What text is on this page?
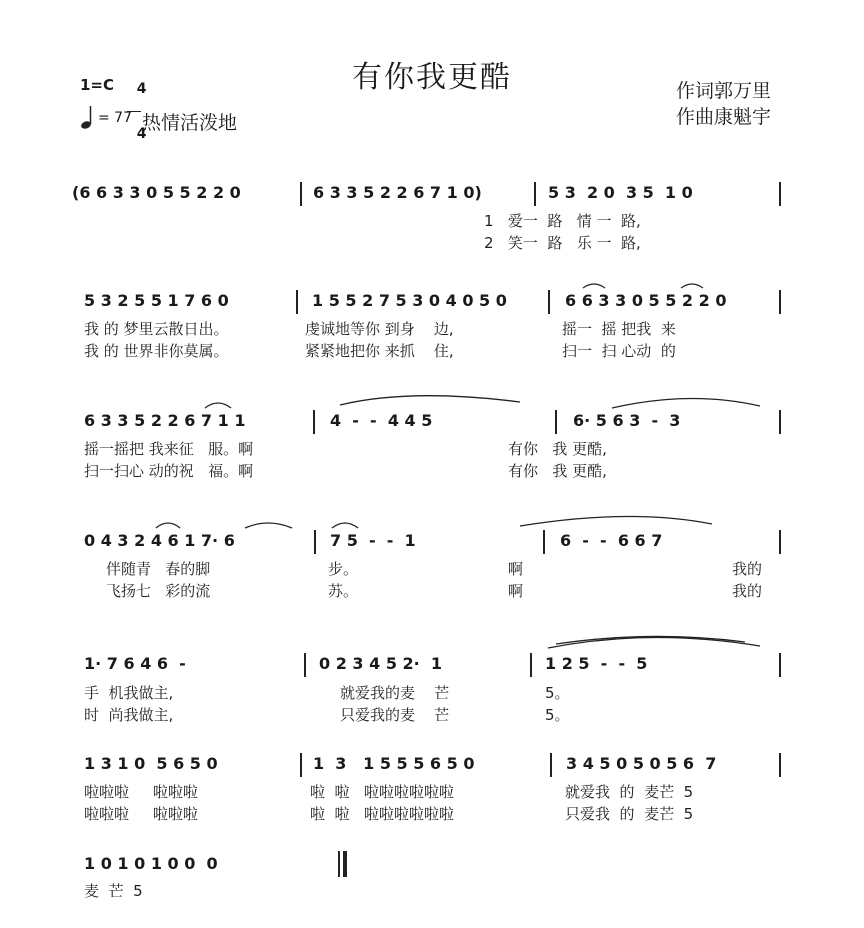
有你我更酷
1=C	4

4

= 77 热情活泼地
作词郭万里
作曲康魁宇
(6 6 3 3 0 5 5 2 2 0	6 3 3 5 2 2 6 7 1 0)	5 3  2 0  3 5  1 0
1   爱一  路   情 一  路,
2   笑一  路   乐 一  路,
5 3 2 5 5 1 7 6 0	1 5 5 2 7 5 3 0 4 0 5 0	6 6 3 3 0 5 5 2 2 0
我 的 梦里云散日出。	虔诚地等你 到身    边,	摇一  摇 把我  来
我 的 世界非你莫属。	紧紧地把你 来抓    住,	扫一  扫 心动  的
6 3 3 5 2 2 6 7 1 1	4  -  -  4 4 5	6· 5 6 3  -  3
摇一摇把 我来征   服。啊	有你   我 更酷,
扫一扫心 动的祝   福。啊	有你   我 更酷,
0 4 3 2 4 6 1 7· 6	7 5  -  -  1	6  -  -  6 6 7
伴随青   春的脚	步。	啊	我的
飞扬七   彩的流	苏。	啊	我的
1· 7 6 4 6  -	0 2 3 4 5 2·  1	1 2 5  -  -  5
手  机我做主,	就爱我的麦    芒	5。
时  尚我做主,	只爱我的麦    芒	5。
1 3 1 0  5 6 5 0	1  3   1 5 5 5 6 5 0	3 4 5 0 5 0 5 6  7
啦啦啦     啦啦啦	啦  啦   啦啦啦啦啦啦	就爱我  的  麦芒  5
啦啦啦     啦啦啦	啦  啦   啦啦啦啦啦啦	只爱我  的  麦芒  5
1 0 1 0 1 0 0  0
麦  芒  5
